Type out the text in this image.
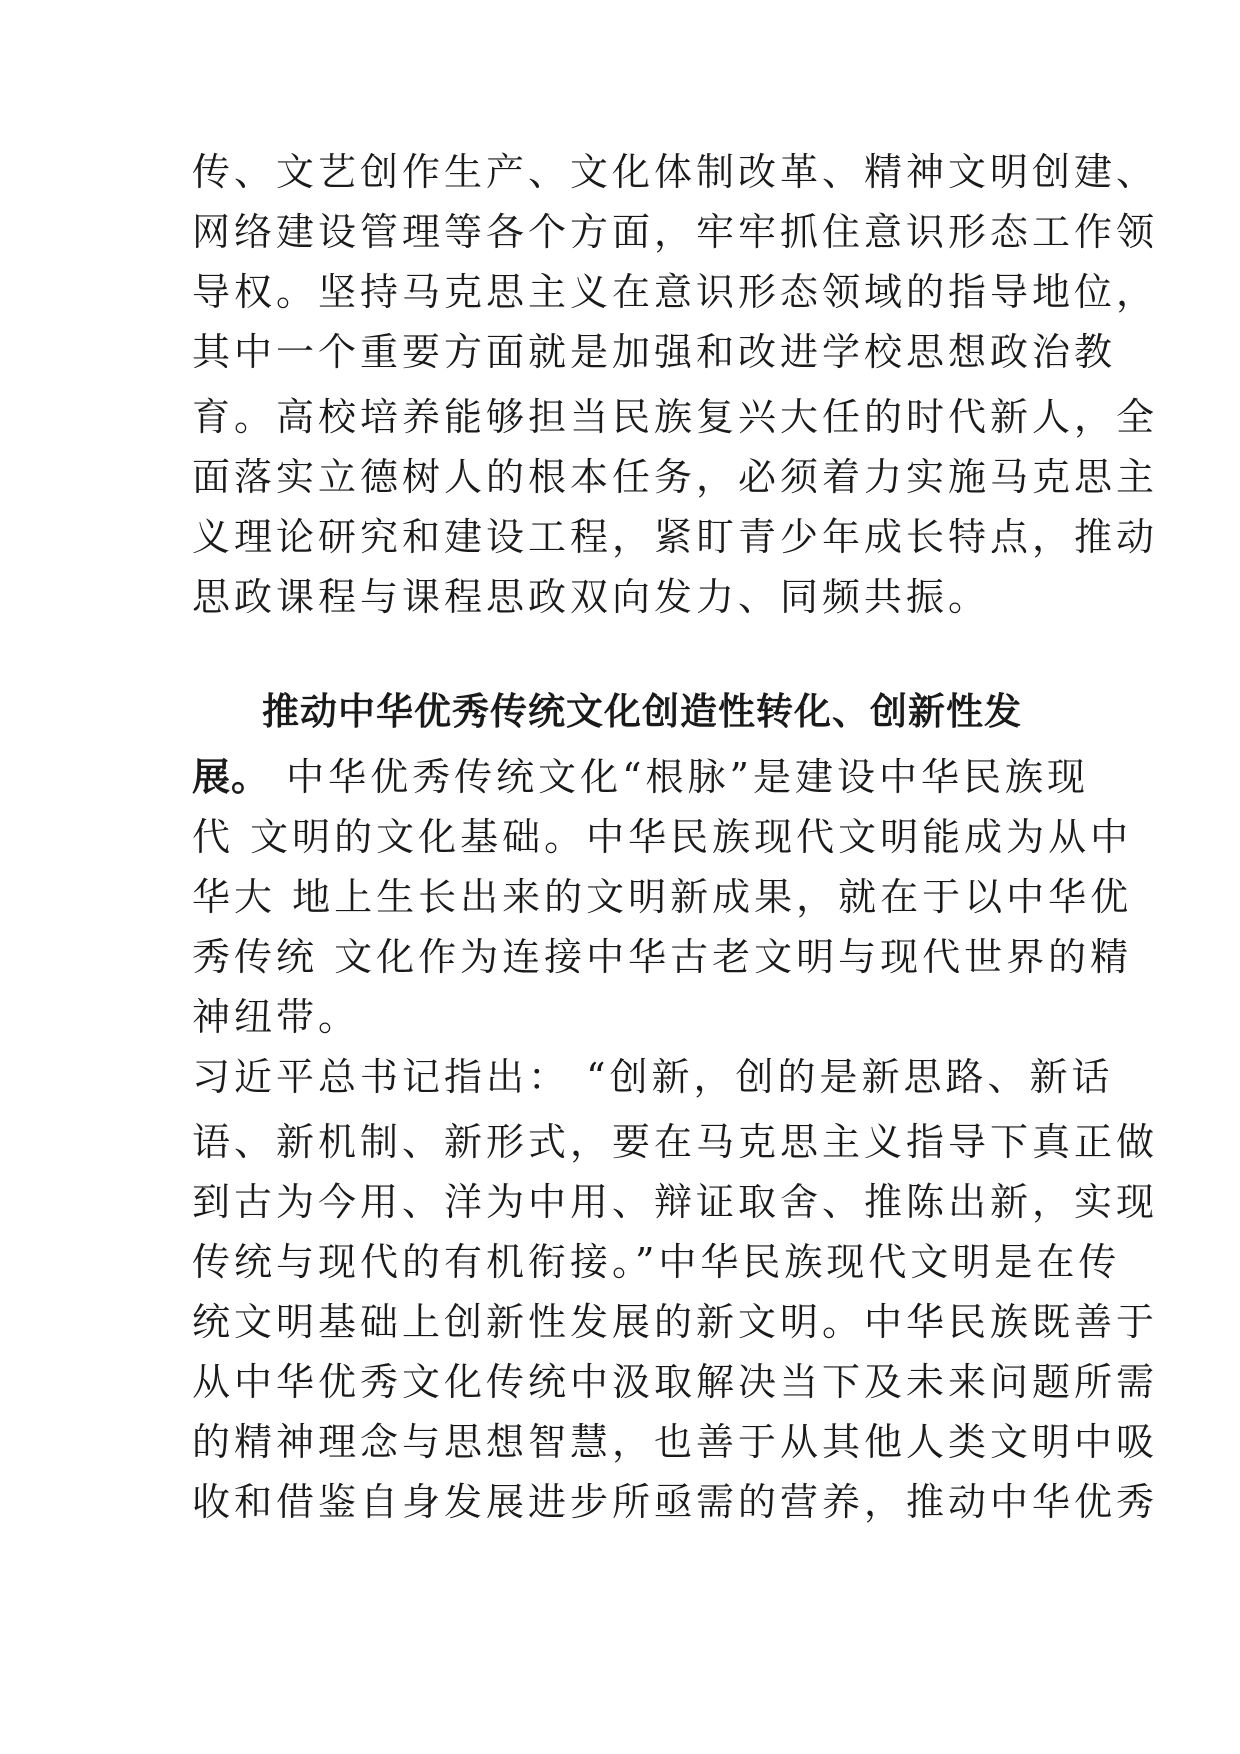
传、文艺创作生产、文化体制改革、精神文明创建、
网络建设管理等各个方面，牢牢抓住意识形态工作领
导权。坚持马克思主义在意识形态领域的指导地位，
其中一个重要方面就是加强和改进学校思想政治教
育。高校培养能够担当民族复兴大任的时代新人，全
面落实立德树人的根本任务，必须着力实施马克思主
义理论研究和建设工程，紧盯青少年成长特点，推动
思政课程与课程思政双向发力、同频共振。
推动中华优秀传统文化创造性转化、创新性发
展。 中华优秀传统文化“根脉”是建设中华民族现
代 文明的文化基础。中华民族现代文明能成为从中
华大 地上生长出来的文明新成果，就在于以中华优
秀传统 文化作为连接中华古老文明与现代世界的精
神纽带。
习近平总书记指出： “创新，创的是新思路、新话
语、新机制、新形式，要在马克思主义指导下真正做
到古为今用、洋为中用、辩证取舍、推陈出新，实现
传统与现代的有机衔接。”中华民族现代文明是在传
统文明基础上创新性发展的新文明。中华民族既善于
从中华优秀文化传统中汲取解决当下及未来问题所需
的精神理念与思想智慧，也善于从其他人类文明中吸
收和借鉴自身发展进步所亟需的营养，推动中华优秀
